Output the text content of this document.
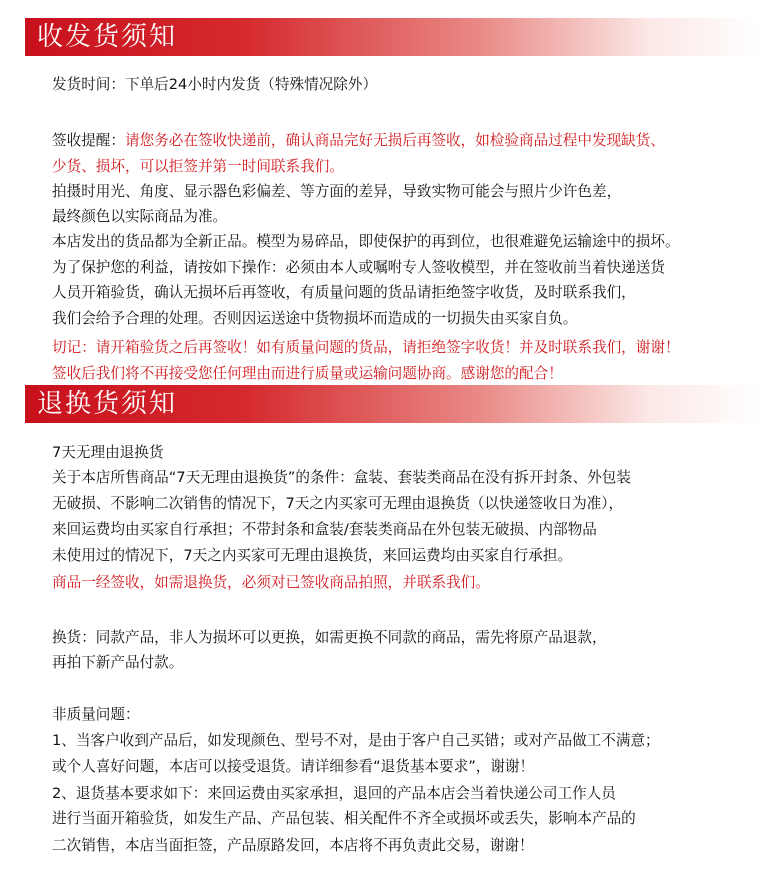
收发货须知
发货时间：下单后24小时内发货（特殊情况除外）
签收提醒：请您务必在签收快递前，确认商品完好无损后再签收，如检验商品过程中发现缺货、
少货、损坏，可以拒签并第一时间联系我们。
拍摄时用光、角度、显示器色彩偏差、等方面的差异，导致实物可能会与照片少许色差，
最终颜色以实际商品为准。
本店发出的货品都为全新正品。模型为易碎品，即使保护的再到位，也很难避免运输途中的损坏。
为了保护您的利益，请按如下操作：必须由本人或嘱咐专人签收模型，并在签收前当着快递送货
人员开箱验货，确认无损坏后再签收，有质量问题的货品请拒绝签字收货，及时联系我们，
我们会给予合理的处理。否则因运送途中货物损坏而造成的一切损失由买家自负。
切记：请开箱验货之后再签收！如有质量问题的货品，请拒绝签字收货！并及时联系我们，谢谢！
签收后我们将不再接受您任何理由而进行质量或运输问题协商。感谢您的配合！
退换货须知
7天无理由退换货
关于本店所售商品“7天无理由退换货”的条件：盒装、套装类商品在没有拆开封条、外包装
无破损、不影响二次销售的情况下，7天之内买家可无理由退换货（以快递签收日为准），
来回运费均由买家自行承担；不带封条和盒装/套装类商品在外包装无破损、内部物品
未使用过的情况下，7天之内买家可无理由退换货，来回运费均由买家自行承担。
商品一经签收，如需退换货，必须对已签收商品拍照，并联系我们。
换货：同款产品，非人为损坏可以更换，如需更换不同款的商品，需先将原产品退款，
再拍下新产品付款。
非质量问题：
1、当客户收到产品后，如发现颜色、型号不对，是由于客户自己买错；或对产品做工不满意；
或个人喜好问题，本店可以接受退货。请详细参看“退货基本要求”，谢谢！
2、退货基本要求如下：来回运费由买家承担，退回的产品本店会当着快递公司工作人员
进行当面开箱验货，如发生产品、产品包装、相关配件不齐全或损坏或丢失，影响本产品的
二次销售，本店当面拒签，产品原路发回，本店将不再负责此交易，谢谢！
